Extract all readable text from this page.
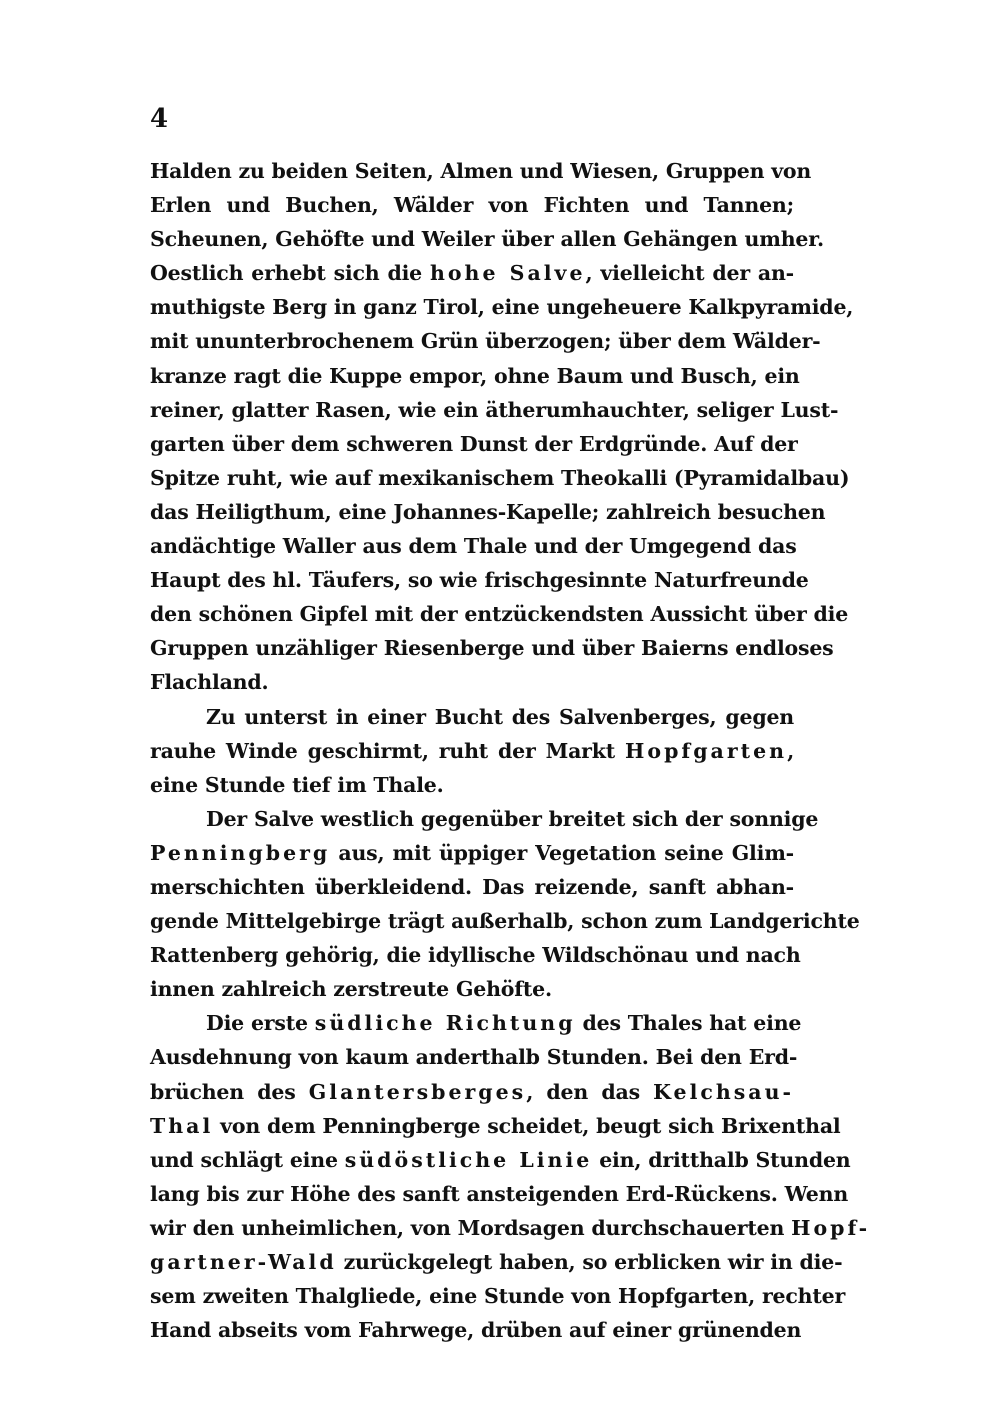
4
Halden zu beiden Seiten, Almen und Wiesen, Gruppen von
Erlen und Buchen, Wälder von Fichten und Tannen;
Scheunen, Gehöfte und Weiler über allen Gehängen umher.
Oestlich erhebt sich die hohe Salve, vielleicht der an-
muthigste Berg in ganz Tirol, eine ungeheuere Kalkpyramide,
mit ununterbrochenem Grün überzogen; über dem Wälder-
kranze ragt die Kuppe empor, ohne Baum und Busch, ein
reiner, glatter Rasen, wie ein ätherumhauchter, seliger Lust-
garten über dem schweren Dunst der Erdgründe. Auf der
Spitze ruht, wie auf mexikanischem Theokalli (Pyramidalbau)
das Heiligthum, eine Johannes-Kapelle; zahlreich besuchen
andächtige Waller aus dem Thale und der Umgegend das
Haupt des hl. Täufers, so wie frischgesinnte Naturfreunde
den schönen Gipfel mit der entzückendsten Aussicht über die
Gruppen unzähliger Riesenberge und über Baierns endloses
Flachland.
Zu unterst in einer Bucht des Salvenberges, gegen
rauhe Winde geschirmt, ruht der Markt Hopfgarten,
eine Stunde tief im Thale.
Der Salve westlich gegenüber breitet sich der sonnige
Penningberg aus, mit üppiger Vegetation seine Glim-
merschichten überkleidend. Das reizende, sanft abhan-
gende Mittelgebirge trägt außerhalb, schon zum Landgerichte
Rattenberg gehörig, die idyllische Wildschönau und nach
innen zahlreich zerstreute Gehöfte.
Die erste südliche Richtung des Thales hat eine
Ausdehnung von kaum anderthalb Stunden. Bei den Erd-
brüchen des Glantersberges, den das Kelchsau-
Thal von dem Penningberge scheidet, beugt sich Brixenthal
und schlägt eine südöstliche Linie ein, dritthalb Stunden
lang bis zur Höhe des sanft ansteigenden Erd-Rückens. Wenn
wir den unheimlichen, von Mordsagen durchschauerten Hopf-
gartner-Wald zurückgelegt haben, so erblicken wir in die-
sem zweiten Thalgliede, eine Stunde von Hopfgarten, rechter
Hand abseits vom Fahrwege, drüben auf einer grünenden
